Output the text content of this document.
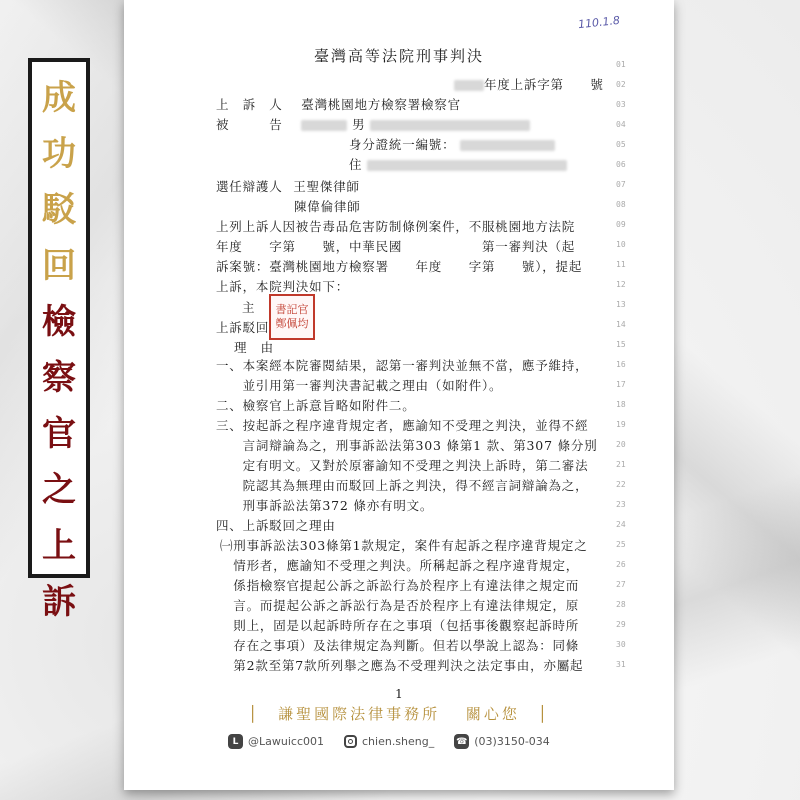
成
功
駁
回
檢
察
官
之
上
訴
110.1.8
臺灣高等法院刑事判決
年度上訴字第　　號
上　訴　人 臺灣桃園地方檢察署檢察官
被　　　告	男
身分證統一編號：
住
選任辯護人 王聖傑律師
陳偉倫律師
上列上訴人因被告毒品危害防制條例案件，不服桃園地方法院
年度　　字第　　號，中華民國　　　　　　第一審判決（起
訴案號：臺灣桃園地方檢察署　　年度　　字第　　號），提起
上訴，本院判決如下：
主	書記官 鄭佩均
上訴駁回
理　由
一、本案經本院審閱結果，認第一審判決並無不當，應予維持，
　　並引用第一審判決書記載之理由（如附件）。
二、檢察官上訴意旨略如附件二。
三、按起訴之程序違背規定者，應諭知不受理之判決，並得不經
　　言詞辯論為之，刑事訴訟法第303 條第1 款、第307 條分別
　　定有明文。又對於原審諭知不受理之判決上訴時，第二審法
　　院認其為無理由而駁回上訴之判決，得不經言詞辯論為之，
　　刑事訴訟法第372 條亦有明文。
四、上訴駁回之理由
㈠刑事訴訟法303條第1款規定，案件有起訴之程序違背規定之
　情形者，應諭知不受理之判決。所稱起訴之程序違背規定，
　係指檢察官提起公訴之訴訟行為於程序上有違法律之規定而
　言。而提起公訴之訴訟行為是否於程序上有違法律規定，原
　則上，固是以起訴時所存在之事項（包括事後觀察起訴時所
　存在之事項）及法律規定為判斷。但若以學說上認為：同條
　第2款至第7款所列舉之應為不受理判決之法定事由，亦屬起
01
02
03
04
05
06
07
08
09
10
11
12
13
14
15
16
17
18
19
20
21
22
23
24
25
26
27
28
29
30
31
1
│　謙聖國際法律事務所　 關心您　│
L @Lawuicc001	chien.sheng_ ☎ (03)3150-034
